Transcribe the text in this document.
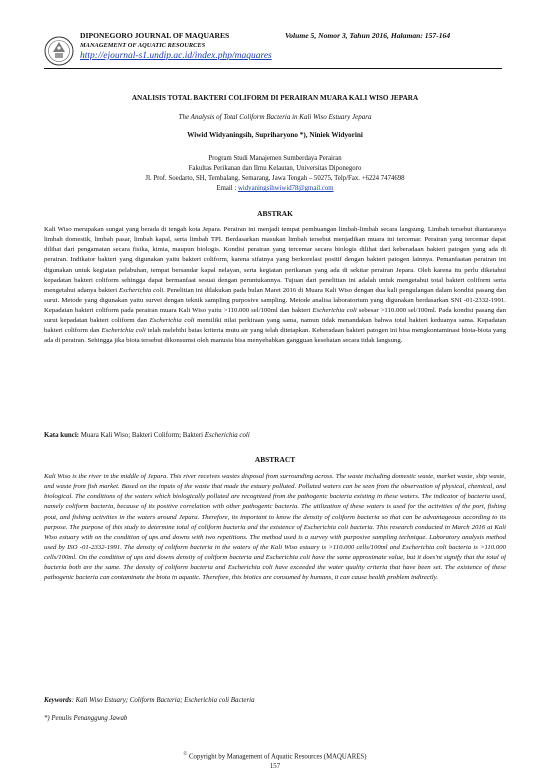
DIPONEGORO JOURNAL OF MAQUARES	Volume 5, Nomor 3, Tahun 2016, Halaman: 157-164
MANAGEMENT OF AQUATIC RESOURCES
http://ejournal-s1.undip.ac.id/index.php/maquares
ANALISIS TOTAL BAKTERI COLIFORM DI PERAIRAN MUARA KALI WISO JEPARA
The Analysis of Total Coliform Bacteria in Kali Wiso Estuary Jepara
Wiwid Widyaningsih, Supriharyono *), Niniek Widyorini
Program Studi Manajemen Sumberdaya Perairan
Fakultas Perikanan dan Ilmu Kelautan, Universitas Diponegoro
Jl. Prof. Soedarto, SH, Tembalang, Semarang, Jawa Tengah – 50275, Telp/Fax. +6224 7474698
Email : widyaningsihwiwid78@gmail.com
ABSTRAK
Kali Wiso merupakan sungai yang berada di tengah kota Jepara. Perairan ini menjadi tempat pembuangan limbah-limbah secara langsung. Limbah tersebut diantaranya limbah domestik, limbah pasar, limbah kapal, serta limbah TPI. Berdasarkan masukan limbah tersebut menjadikan muara ini tercemar. Perairan yang tercemar dapat dilihat dari pengamatan secara fisika, kimia, maupun biologis. Kondisi perairan yang tercemar secara biologis dilihat dari keberadaan bakteri patogen yang ada di perairan. Indikator bakteri yang digunakan yaitu bakteri coliform, karena sifatnya yang berkorelasi positif dengan bakteri patogen lainnya. Pemanfaatan perairan ini digunakan untuk kegiatan pelabuhan, tempat bersandar kapal nelayan, serta kegiatan perikanan yang ada di sekitar perairan Jepara. Oleh karena itu perlu diketahui kepadatan bakteri coliform sehingga dapat bermanfaat sesuai dengan peruntukannya. Tujuan dari penelitian ini adalah untuk mengetahui total bakteri coliform serta mengetahui adanya bakteri Escherichia coli. Penelitian ini dilakukan pada bulan Maret 2016 di Muara Kali Wiso dengan dua kali pengulangan dalam kondisi pasang dan surut. Metode yang digunakan yaitu survei dengan teknik sampling purposive sampling. Metode analisa laboratorium yang digunakan berdasarkan SNI -01-2332-1991. Kepadatan bakteri coliform pada perairan muara Kali Wiso yaitu >110.000 sel/100ml dan bakteri Escherichia coli sebesar >110.000 sel/100ml. Pada kondisi pasang dan surut kepadatan bakteri coliform dan Escherichia coli memiliki nilai perkiraan yang sama, namun tidak menandakan bahwa total bakteri keduanya sama. Kepadatan bakteri coliform dan Escherichia coli telah melebihi batas kriteria mutu air yang telah ditetapkan. Keberadaan bakteri patogen ini bisa mengkontaminasi biota-biota yang ada di perairan. Sehingga jika biota tersebut dikonsumsi oleh manusia bisa menyebabkan gangguan kesehatan secara tidak langsung.
Kata kunci: Muara Kali Wiso; Bakteri Coliform; Bakteri Escherichia coli
ABSTRACT
Kali Wiso is the river in the middle of Jepara. This river receives wastes disposal from surrounding across. The waste including domestic waste, market waste, ship waste, and waste from fish market. Based on the inputs of the waste that made the estuary polluted. Polluted waters can be seen from the observation of physical, chemical, and biological. The conditions of the waters which biologically polluted are recognized from the pathogenic bacteria existing in these waters. The indicator of bacteria used, namely coliform bacteria, because of its positive correlation with other pathogenic bacteria. The utilization of these waters is used for the activities of the port, fishing pout, and fishing activities in the waters around Jepara. Therefore, its important to know the density of coliform bacteria so that can be advantageous according to its purpose. The purpose of this study to determine total of coliform bacteria and the existence of Escherichia coli bacteria. This research conducted in March 2016 at Kali Wiso estuary with on the condition of ups and downs with two repetitions. The method used is a survey with purposive sampling technique. Laboratory analysis method used by ISO -01-2332-1991. The density of coliform bacteria in the waters of the Kali Wiso estuary is >110.000 cells/100ml and Escherichia coli bacteria is >110.000 cells/100ml. On the condition of ups and downs density of coliform bacteria and Escherichia coli have the same approximate value, but it does'nt signify that the total of bacteria both are the same. The density of coliform bacteria and Escherichia coli have exceeded the water quality criteria that have been set. The existence of these pathogenic bacteria can contaminate the biota in aquatic. Therefore, this biotics are consumed by humans, it can cause health problem indirectly.
Keywords: Kali Wiso Estuary; Coliform Bacteria; Escherichia coli Bacteria
*) Penulis Penanggung Jawab
© Copyright by Management of Aquatic Resources (MAQUARES)
157
